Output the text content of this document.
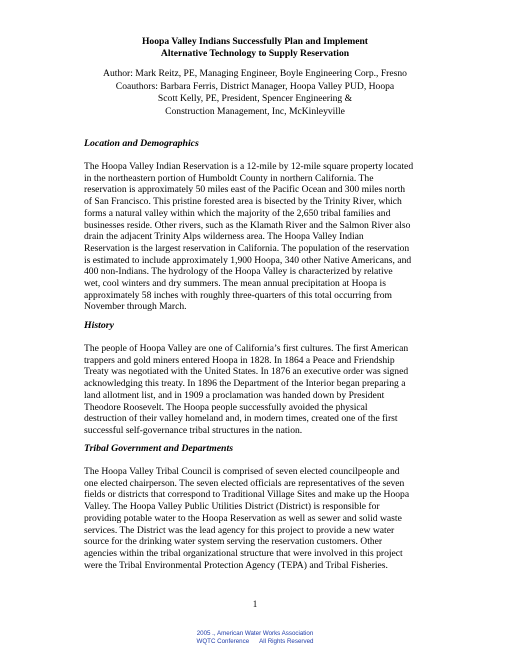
Hoopa Valley Indians Successfully Plan and Implement
Alternative Technology to Supply Reservation
Author: Mark Reitz, PE, Managing Engineer, Boyle Engineering Corp., Fresno
Coauthors: Barbara Ferris, District Manager, Hoopa Valley PUD, Hoopa
Scott Kelly, PE, President, Spencer Engineering &
Construction Management, Inc, McKinleyville
Location and Demographics
The Hoopa Valley Indian Reservation is a 12-mile by 12-mile square property located
in the northeastern portion of Humboldt County in northern California. The
reservation is approximately 50 miles east of the Pacific Ocean and 300 miles north
of San Francisco. This pristine forested area is bisected by the Trinity River, which
forms a natural valley within which the majority of the 2,650 tribal families and
businesses reside. Other rivers, such as the Klamath River and the Salmon River also
drain the adjacent Trinity Alps wilderness area. The Hoopa Valley Indian
Reservation is the largest reservation in California. The population of the reservation
is estimated to include approximately 1,900 Hoopa, 340 other Native Americans, and
400 non-Indians. The hydrology of the Hoopa Valley is characterized by relative
wet, cool winters and dry summers. The mean annual precipitation at Hoopa is
approximately 58 inches with roughly three-quarters of this total occurring from
November through March.
History
The people of Hoopa Valley are one of California’s first cultures. The first American
trappers and gold miners entered Hoopa in 1828. In 1864 a Peace and Friendship
Treaty was negotiated with the United States. In 1876 an executive order was signed
acknowledging this treaty. In 1896 the Department of the Interior began preparing a
land allotment list, and in 1909 a proclamation was handed down by President
Theodore Roosevelt. The Hoopa people successfully avoided the physical
destruction of their valley homeland and, in modern times, created one of the first
successful self-governance tribal structures in the nation.
Tribal Government and Departments
The Hoopa Valley Tribal Council is comprised of seven elected councilpeople and
one elected chairperson. The seven elected officials are representatives of the seven
fields or districts that correspond to Traditional Village Sites and make up the Hoopa
Valley. The Hoopa Valley Public Utilities District (District) is responsible for
providing potable water to the Hoopa Reservation as well as sewer and solid waste
services. The District was the lead agency for this project to provide a new water
source for the drinking water system serving the reservation customers. Other
agencies within the tribal organizational structure that were involved in this project
were the Tribal Environmental Protection Agency (TEPA) and Tribal Fisheries.
1
2005 ., American Water Works Association
WQTC Conference      All Rights Reserved
